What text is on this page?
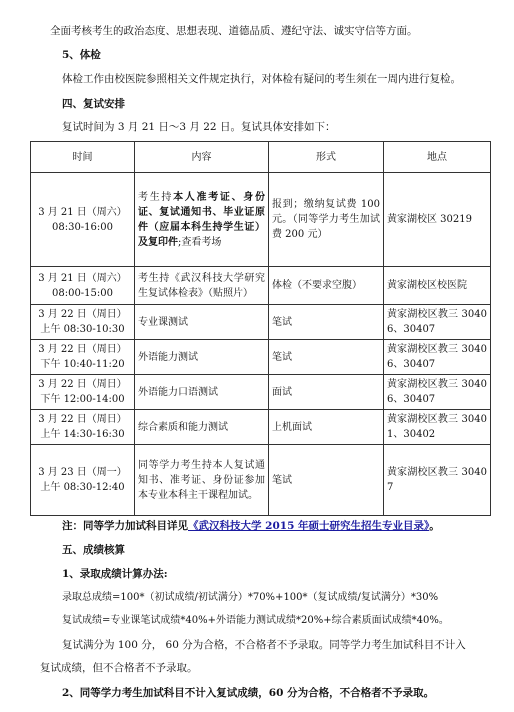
全面考核考生的政治态度、思想表现、道德品质、遵纪守法、诚实守信等方面。
5、体检
体检工作由校医院参照相关文件规定执行，对体检有疑问的考生须在一周内进行复检。
四、复试安排
复试时间为 3 月 21 日～3 月 22 日。复试具体安排如下：
时间	内容	形式	地点

3 月 21 日（周六）
08:30-16:00	考生持本人准考证、身份证、复试通知书、毕业证原件（应届本科生持学生证）及复印件;查看考场	报到；缴纳复试费 100 元。（同等学力考生加试费 200 元）	黄家湖校区 30219

3 月 21 日（周六）
08:00-15:00	考生持《武汉科技大学研究生复试体检表》（贴照片）	体检（不要求空腹）	黄家湖校区校医院

3 月 22 日（周日）
上午 08:30-10:30	专业课测试	笔试	黄家湖校区教三 30406、30407

3 月 22 日（周日）
下午 10:40-11:20	外语能力测试	笔试	黄家湖校区教三 30406、30407

3 月 22 日（周日）
下午 12:00-14:00	外语能力口语测试	面试	黄家湖校区教三 30406、30407

3 月 22 日（周日）
上午 14:30-16:30	综合素质和能力测试	上机面试	黄家湖校区教三 30401、30402

3 月 23 日（周一）
上午 08:30-12:40	同等学力考生持本人复试通知书、准考证、身份证参加本专业本科主干课程加试。	笔试	黄家湖校区教三 30407
注：同等学力加试科目详见《武汉科技大学 2015 年硕士研究生招生专业目录》。
五、成绩核算
1、录取成绩计算办法:
录取总成绩=100*（初试成绩/初试满分）*70%+100*（复试成绩/复试满分）*30%
复试成绩=专业课笔试成绩*40%+外语能力测试成绩*20%+综合素质面试成绩*40%。
复试满分为 100 分， 60 分为合格，不合格者不予录取。同等学力考生加试科目不计入
复试成绩，但不合格者不予录取。
2、同等学力考生加试科目不计入复试成绩，60 分为合格，不合格者不予录取。
